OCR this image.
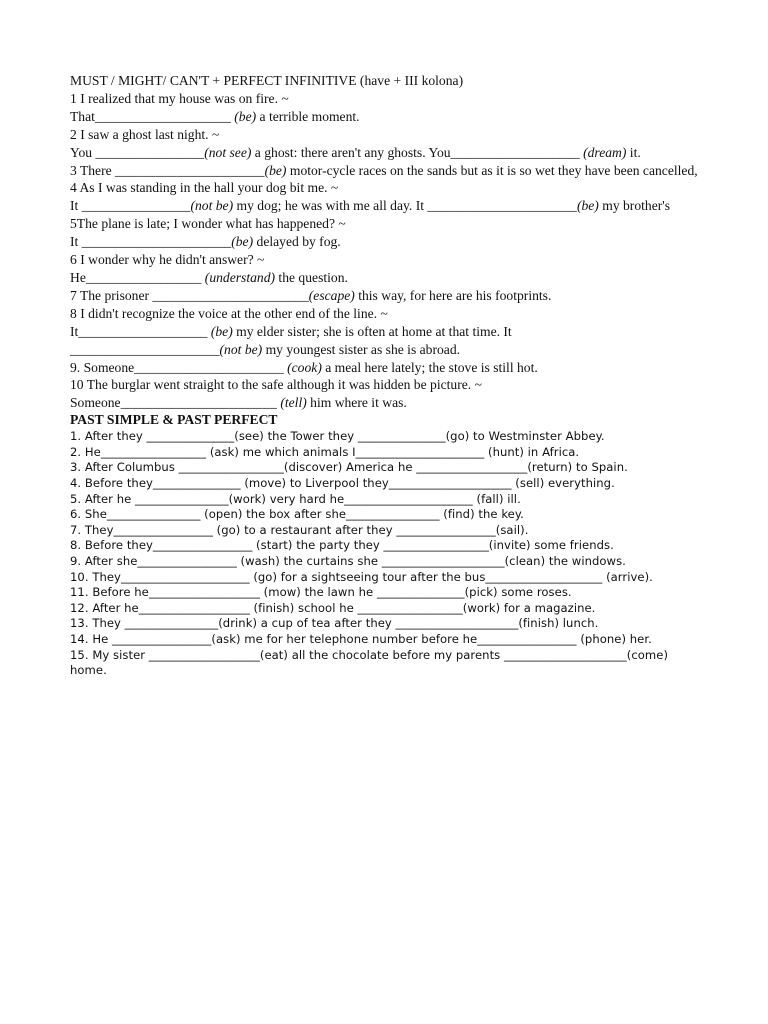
MUST / MIGHT/ CAN'T + PERFECT INFINITIVE (have + III kolona)
1 I realized that my house was on fire. ~
That____________________ (be) a terrible moment.
2 I saw a ghost last night. ~
You ________________(not see) a ghost: there aren't any ghosts. You___________________ (dream) it.
3 There ______________________(be) motor-cycle races on the sands but as it is so wet they have been cancelled,
4 As I was standing in the hall your dog bit me. ~
It ________________(not be) my dog; he was with me all day. It ______________________(be) my brother's
5The plane is late; I wonder what has happened? ~
It ______________________(be) delayed by fog.
6 I wonder why he didn't answer? ~
He_________________ (understand) the question.
7 The prisoner _______________________(escape) this way, for here are his footprints.
8 I didn't recognize the voice at the other end of the line. ~
It___________________ (be) my elder sister; she is often at home at that time. It
______________________(not be) my youngest sister as she is abroad.
9. Someone______________________ (cook) a meal here lately; the stove is still hot.
10 The burglar went straight to the safe although it was hidden be picture. ~
Someone_______________________ (tell) him where it was.
PAST SIMPLE & PAST PERFECT
1. After they _______________(see) the Tower they _______________(go) to Westminster Abbey.
2. He__________________ (ask) me which animals I______________________ (hunt) in Africa.
3. After Columbus __________________(discover) America he ___________________(return) to Spain.
4. Before they_______________ (move) to Liverpool they_____________________ (sell) everything.
5. After he ________________(work) very hard he______________________ (fall) ill.
6. She________________ (open) the box after she________________ (find) the key.
7. They_________________ (go) to a restaurant after they _________________(sail).
8. Before they_________________ (start) the party they __________________(invite) some friends.
9. After she_________________ (wash) the curtains she _____________________(clean) the windows.
10. They______________________ (go) for a sightseeing tour after the bus____________________ (arrive).
11. Before he___________________ (mow) the lawn he _______________(pick) some roses.
12. After he___________________ (finish) school he __________________(work) for a magazine.
13. They ________________(drink) a cup of tea after they _____________________(finish) lunch.
14. He _________________(ask) me for her telephone number before he_________________ (phone) her.
15. My sister ___________________(eat) all the chocolate before my parents _____________________(come) home.
